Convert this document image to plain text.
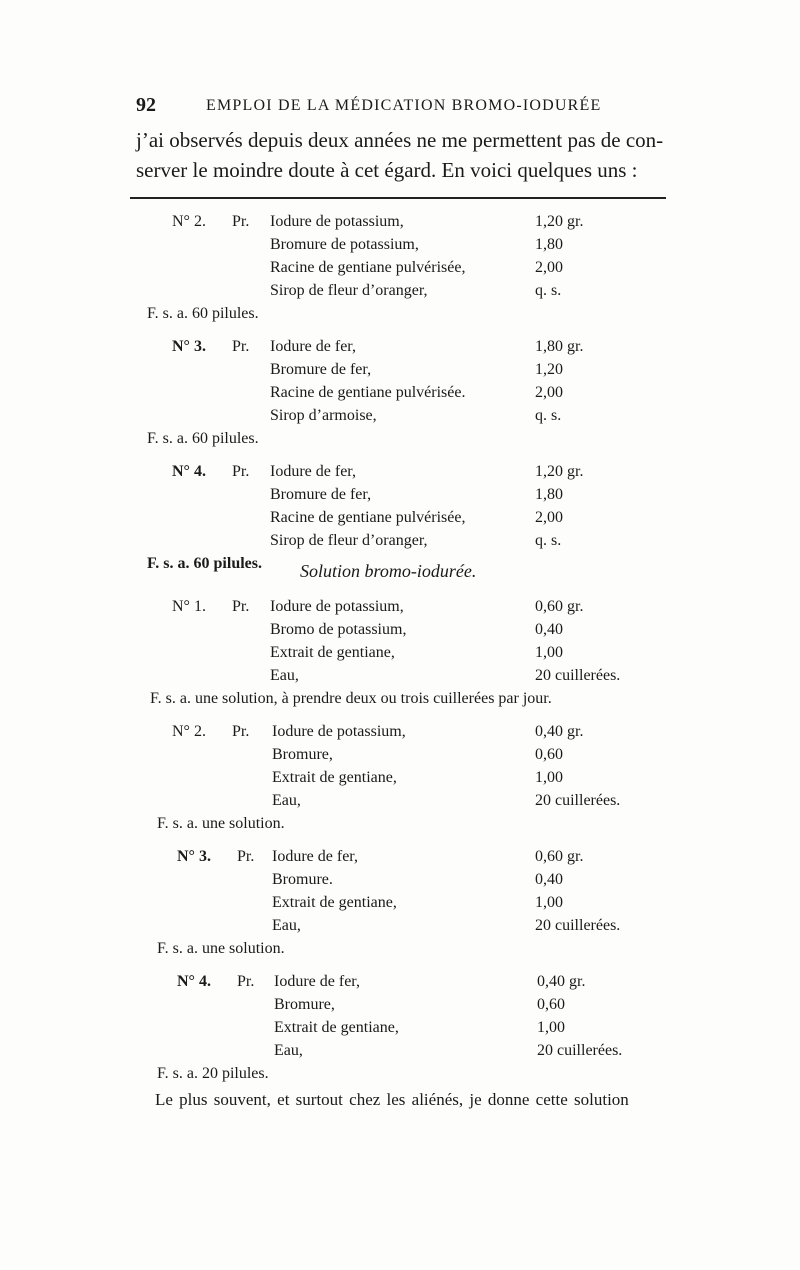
92	EMPLOI DE LA MÉDICATION BROMO-IODURÉE
j’ai observés depuis deux années ne me permettent pas de con-
server le moindre doute à cet égard. En voici quelques uns :
N° 2. Pr. Iodure de potassium,	1,20 gr.
Bromure de potassium,	1,80
Racine de gentiane pulvérisée,	2,00
Sirop de fleur d’oranger,	q. s.
F. s. a. 60 pilules.
N° 3. Pr. Iodure de fer,	1,80 gr.
Bromure de fer,	1,20
Racine de gentiane pulvérisée.	2,00
Sirop d’armoise,	q. s.
F. s. a. 60 pilules.
N° 4. Pr. Iodure de fer,	1,20 gr.
Bromure de fer,	1,80
Racine de gentiane pulvérisée,	2,00
Sirop de fleur d’oranger,	q. s.
F. s. a. 60 pilules. Solution bromo-iodurée.
N° 1. Pr. Iodure de potassium,	0,60 gr.
Bromo de potassium,	0,40
Extrait de gentiane,	1,00
Eau,	20 cuillerées.
F. s. a. une solution, à prendre deux ou trois cuillerées par jour.
N° 2. Pr. Iodure de potassium,	0,40 gr.
Bromure,	0,60
Extrait de gentiane,	1,00
Eau,	20 cuillerées.
F. s. a. une solution.
N° 3. Pr. Iodure de fer,	0,60 gr.
Bromure.	0,40
Extrait de gentiane,	1,00
Eau,	20 cuillerées.
F. s. a. une solution.
N° 4. Pr. Iodure de fer,	0,40 gr.
Bromure,	0,60
Extrait de gentiane,	1,00
Eau,	20 cuillerées.
F. s. a. 20 pilules.
Le plus souvent, et surtout chez les aliénés, je donne cette solution
